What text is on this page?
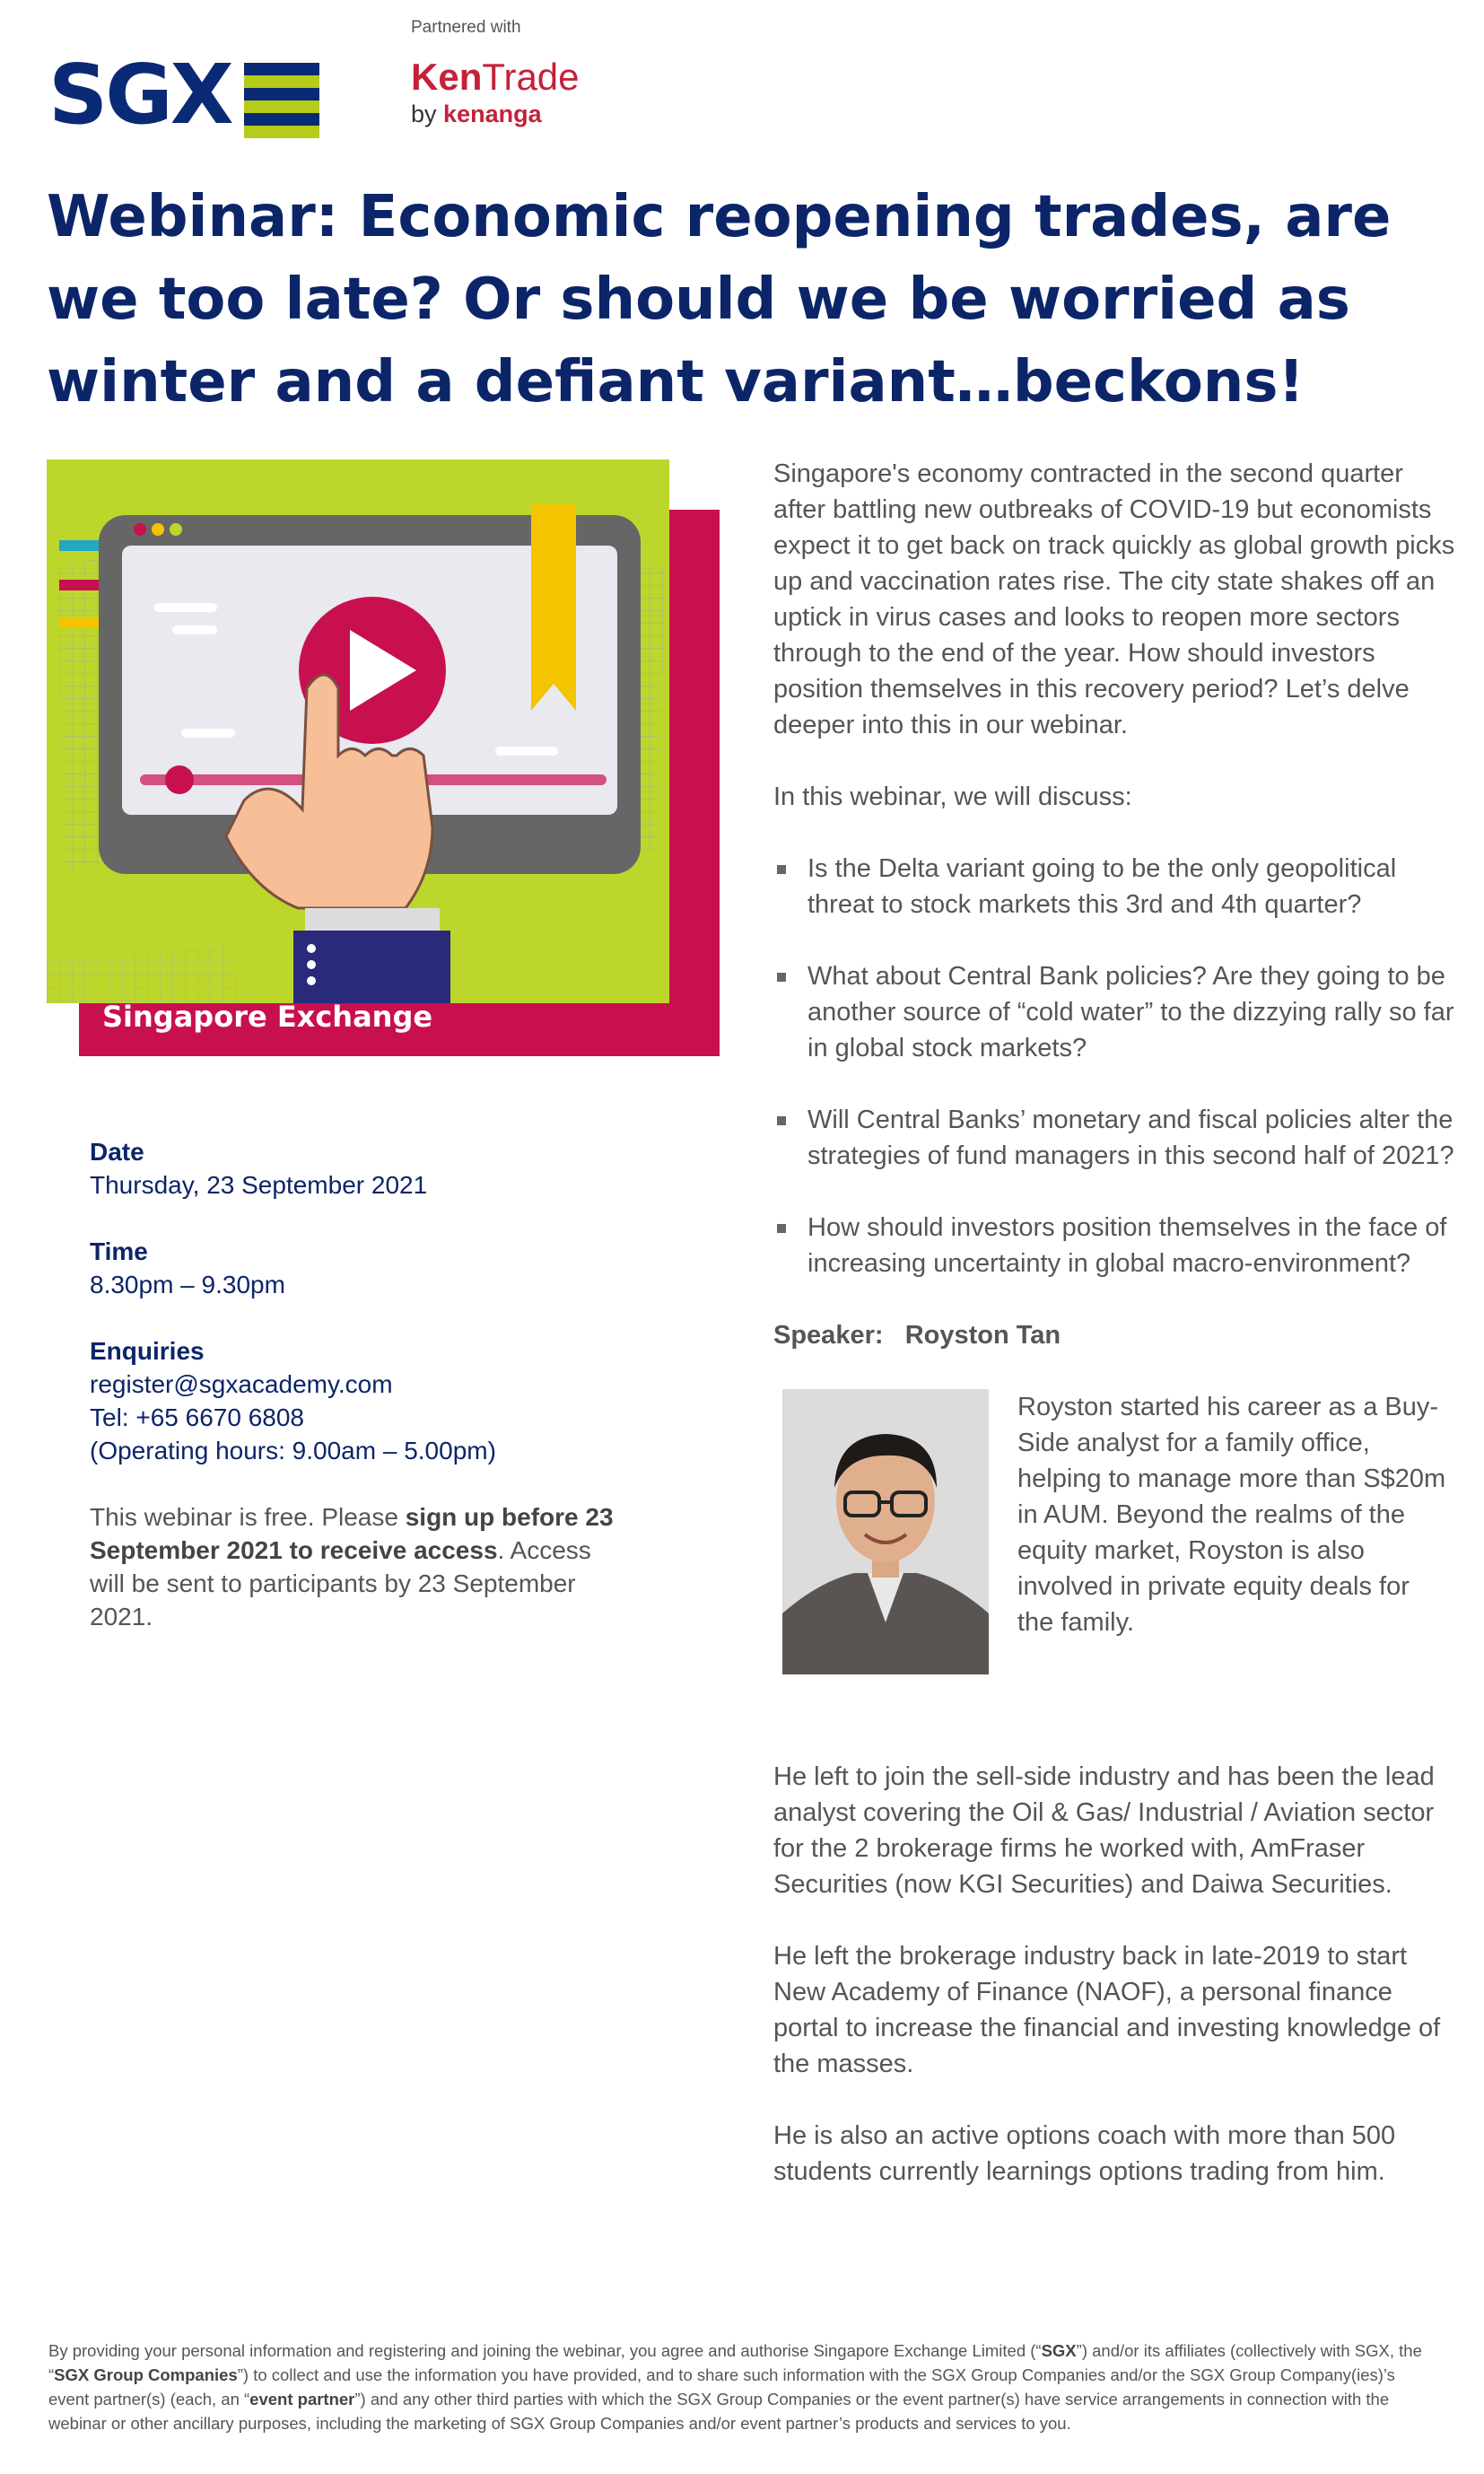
SGX
Partnered with
KenTrade
by kenanga
Webinar: Economic reopening trades, are we too late? Or should we be worried as winter and a defiant variant…beckons!
Singapore Exchange
Date
Thursday, 23 September 2021
Time
8.30pm – 9.30pm
Enquiries
register@sgxacademy.com
Tel: +65 6670 6808
(Operating hours: 9.00am – 5.00pm)
This webinar is free. Please sign up before 23 September 2021 to receive access. Access will be sent to participants by 23 September 2021.

Singapore's economy contracted in the second quarter after battling new outbreaks of COVID-19 but economists expect it to get back on track quickly as global growth picks up and vaccination rates rise. The city state shakes off an uptick in virus cases and looks to reopen more sectors through to the end of the year. How should investors position themselves in this recovery period? Let’s delve deeper into this in our webinar.

In this webinar, we will discuss:

Is the Delta variant going to be the only geopolitical threat to stock markets this 3rd and 4th quarter?
What about Central Bank policies? Are they going to be another source of “cold water” to the dizzying rally so far in global stock markets?
Will Central Banks’ monetary and fiscal policies alter the strategies of fund managers in this second half of 2021?
How should investors position themselves in the face of increasing uncertainty in global macro-environment?
Speaker: Royston Tan
Royston started his career as a Buy-Side analyst for a family office, helping to manage more than S$20m in AUM. Beyond the realms of the equity market, Royston is also involved in private equity deals for the family.

He left to join the sell-side industry and has been the lead analyst covering the Oil & Gas/ Industrial / Aviation sector for the 2 brokerage firms he worked with, AmFraser Securities (now KGI Securities) and Daiwa Securities.

He left the brokerage industry back in late-2019 to start New Academy of Finance (NAOF), a personal finance portal to increase the financial and investing knowledge of the masses.

He is also an active options coach with more than 500 students currently learnings options trading from him.

By providing your personal information and registering and joining the webinar, you agree and authorise Singapore Exchange Limited (“SGX”) and/or its affiliates (collectively with SGX, the “SGX Group Companies”) to collect and use the information you have provided, and to share such information with the SGX Group Companies and/or the SGX Group Company(ies)’s event partner(s) (each, an “event partner”) and any other third parties with which the SGX Group Companies or the event partner(s) have service arrangements in connection with the webinar or other ancillary purposes, including the marketing of SGX Group Companies and/or event partner’s products and services to you.
